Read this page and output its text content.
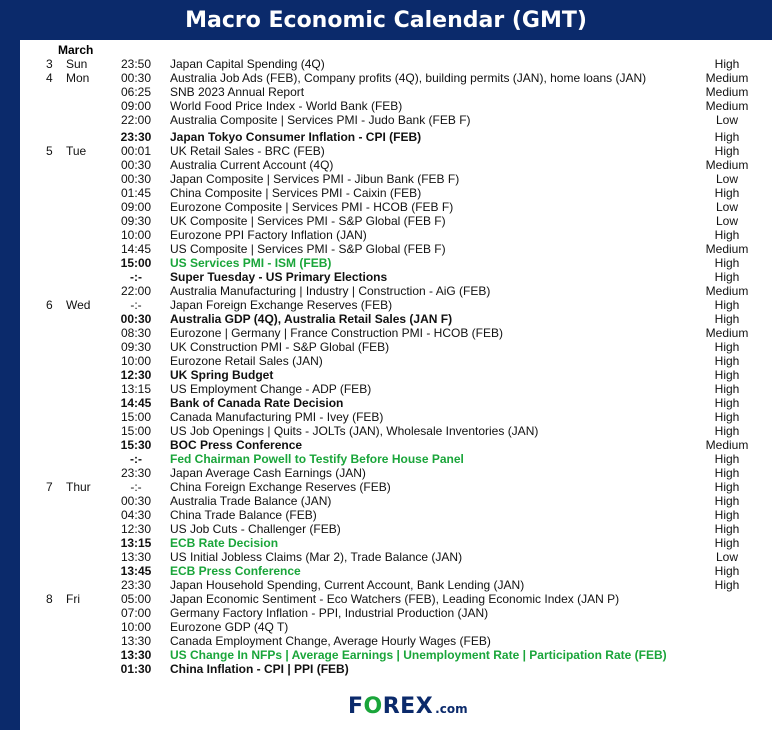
Macro Economic Calendar (GMT)
March
3	Sun	23:50 Japan Capital Spending (4Q)	High
4	Mon	00:30 Australia Job Ads (FEB), Company profits (4Q), building permits (JAN), home loans (JAN)	Medium
06:25 SNB 2023 Annual Report	Medium
09:00 World Food Price Index - World Bank (FEB)	Medium
22:00 Australia Composite | Services PMI - Judo Bank (FEB F)	Low
23:30 Japan Tokyo Consumer Inflation - CPI (FEB)	High
5	Tue	00:01 UK Retail Sales - BRC (FEB)	High
00:30 Australia Current Account (4Q)	Medium
00:30 Japan Composite | Services PMI - Jibun Bank (FEB F)	Low
01:45 China Composite | Services PMI - Caixin (FEB)	High
09:00 Eurozone Composite | Services PMI - HCOB (FEB F)	Low
09:30 UK Composite | Services PMI - S&P Global (FEB F)	Low
10:00 Eurozone PPI Factory Inflation (JAN)	High
14:45 US Composite | Services PMI - S&P Global (FEB F)	Medium
15:00 US Services PMI - ISM (FEB)	High
-:-	Super Tuesday - US Primary Elections	High
22:00 Australia Manufacturing | Industry | Construction - AiG (FEB)	Medium
6	Wed	-:-	Japan Foreign Exchange Reserves (FEB)	High
00:30 Australia GDP (4Q), Australia Retail Sales (JAN F)	High
08:30 Eurozone | Germany | France Construction PMI - HCOB (FEB)	Medium
09:30 UK Construction PMI - S&P Global (FEB)	High
10:00 Eurozone Retail Sales (JAN)	High
12:30 UK Spring Budget	High
13:15 US Employment Change - ADP (FEB)	High
14:45 Bank of Canada Rate Decision	High
15:00 Canada Manufacturing PMI - Ivey (FEB)	High
15:00 US Job Openings | Quits - JOLTs (JAN), Wholesale Inventories (JAN)	High
15:30 BOC Press Conference	Medium
-:-	Fed Chairman Powell to Testify Before House Panel	High
23:30 Japan Average Cash Earnings (JAN)	High
7	Thur	-:-	China Foreign Exchange Reserves (FEB)	High
00:30 Australia Trade Balance (JAN)	High
04:30 China Trade Balance (FEB)	High
12:30 US Job Cuts - Challenger (FEB)	High
13:15 ECB Rate Decision	High
13:30 US Initial Jobless Claims (Mar 2), Trade Balance (JAN)	Low
13:45 ECB Press Conference	High
23:30 Japan Household Spending, Current Account, Bank Lending (JAN)	High
8	Fri	05:00 Japan Economic Sentiment - Eco Watchers (FEB), Leading Economic Index (JAN P)
07:00 Germany Factory Inflation - PPI, Industrial Production (JAN)
10:00 Eurozone GDP (4Q T)
13:30 Canada Employment Change, Average Hourly Wages (FEB)
13:30 US Change In NFPs | Average Earnings | Unemployment Rate | Participation Rate (FEB)
01:30 China Inflation - CPI | PPI (FEB)
FOREX .com
